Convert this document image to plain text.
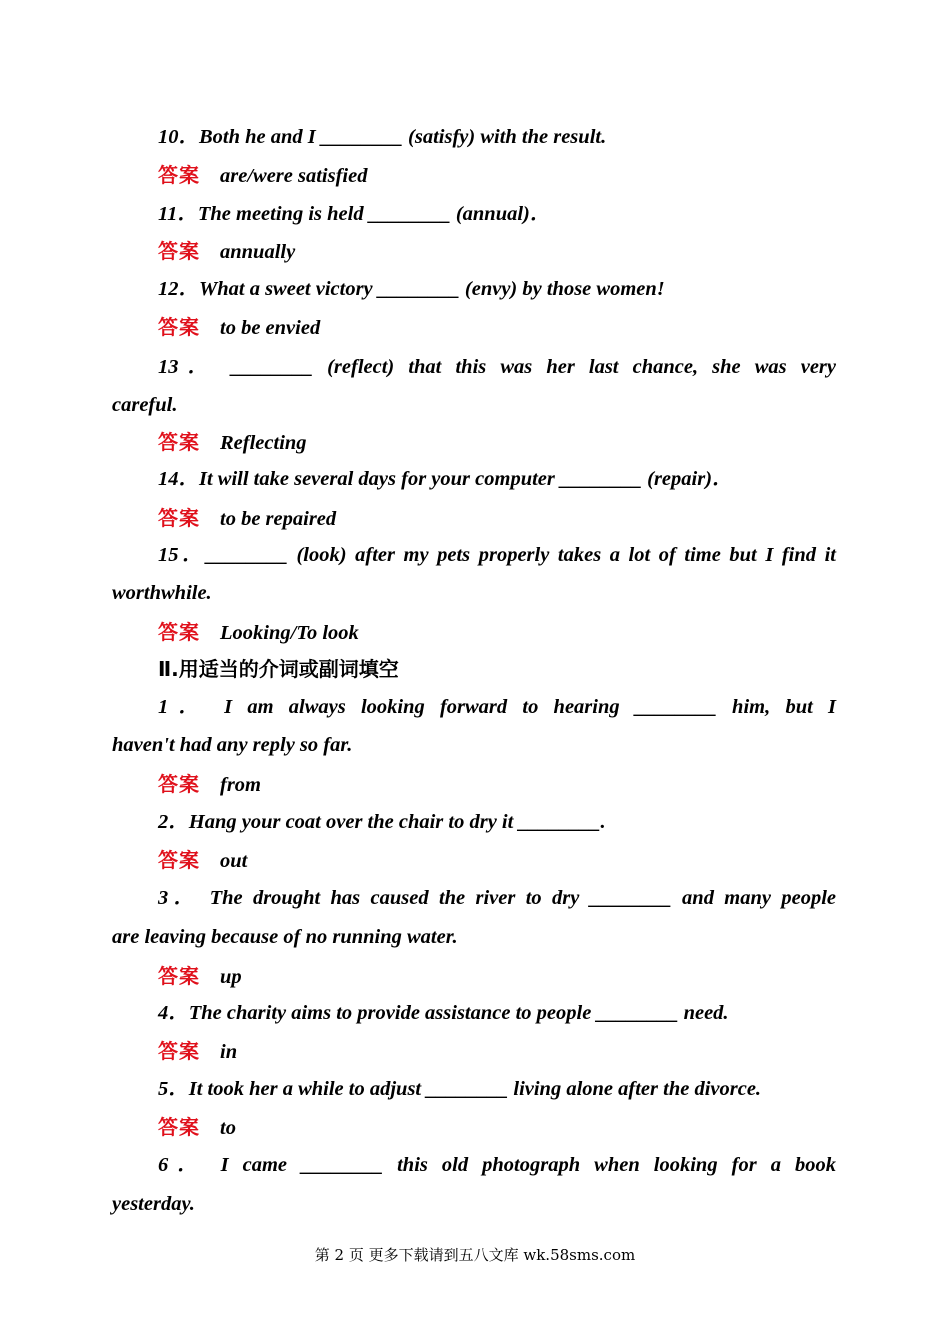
10．Both he and I ________ (satisfy) with the result.
答案 are/were satisfied
11．The meeting is held ________ (annual)．
答案 annually
12．What a sweet victory ________ (envy) by those women!
答案 to be envied
13． ________ (reflect) that this was her last chance, she was very
careful.
答案 Reflecting
14．It will take several days for your computer ________ (repair)．
答案 to be repaired
15．________ (look) after my pets properly takes a lot of time but I find it
worthwhile.
答案 Looking/To look
Ⅱ.用适当的介词或副词填空
1． I am always looking forward to hearing ________ him, but I
haven't had any reply so far.
答案 from
2．Hang your coat over the chair to dry it ________.
答案 out
3． The drought has caused the river to dry ________ and many people
are leaving because of no running water.
答案 up
4．The charity aims to provide assistance to people ________ need.
答案 in
5．It took her a while to adjust ________ living alone after the divorce.
答案 to
6． I came ________ this old photograph when looking for a book
yesterday.
第 2 页 更多下载请到五八文库 wk.58sms.com
